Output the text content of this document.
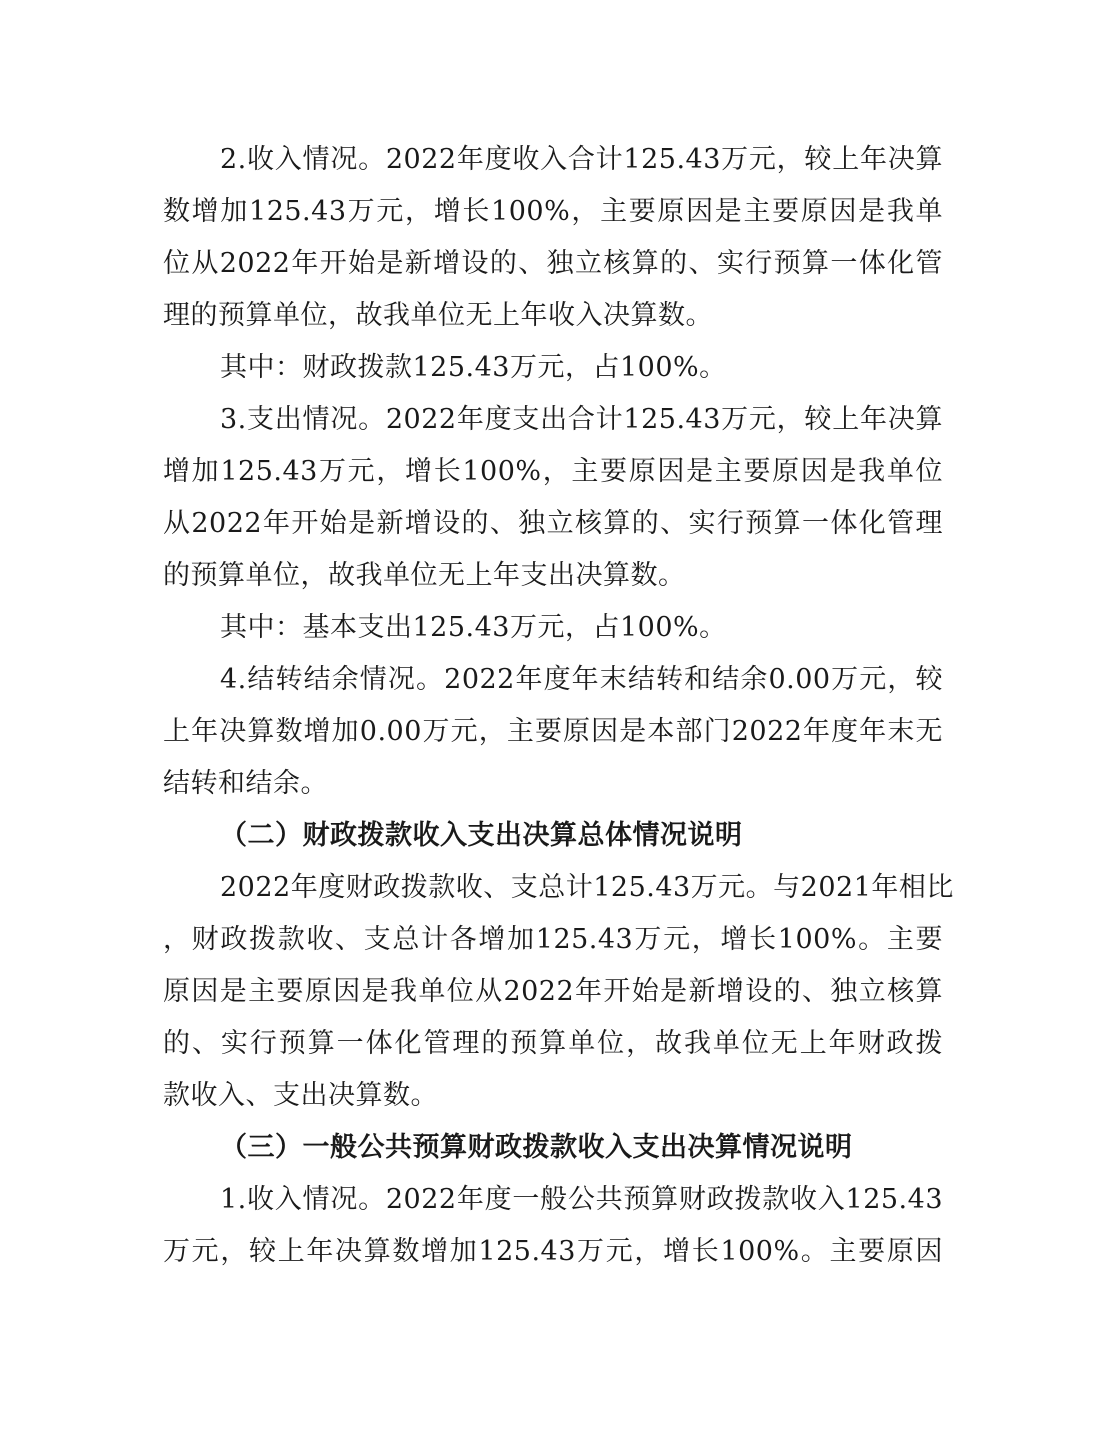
2.收入情况。2022年度收入合计125.43万元，较上年决算
数增加125.43万元，增长100%，主要原因是主要原因是我单
位从2022年开始是新增设的、独立核算的、实行预算一体化管
理的预算单位，故我单位无上年收入决算数。
其中：财政拨款125.43万元，占100%。
3.支出情况。2022年度支出合计125.43万元，较上年决算
增加125.43万元，增长100%，主要原因是主要原因是我单位
从2022年开始是新增设的、独立核算的、实行预算一体化管理
的预算单位，故我单位无上年支出决算数。
其中：基本支出125.43万元，占100%。
4.结转结余情况。2022年度年末结转和结余0.00万元，较
上年决算数增加0.00万元，主要原因是本部门2022年度年末无
结转和结余。
（二）财政拨款收入支出决算总体情况说明
2022年度财政拨款收、支总计125.43万元。与2021年相比
，财政拨款收、支总计各增加125.43万元，增长100%。主要
原因是主要原因是我单位从2022年开始是新增设的、独立核算
的、实行预算一体化管理的预算单位，故我单位无上年财政拨
款收入、支出决算数。
（三）一般公共预算财政拨款收入支出决算情况说明
1.收入情况。2022年度一般公共预算财政拨款收入125.43
万元，较上年决算数增加125.43万元，增长100%。主要原因
